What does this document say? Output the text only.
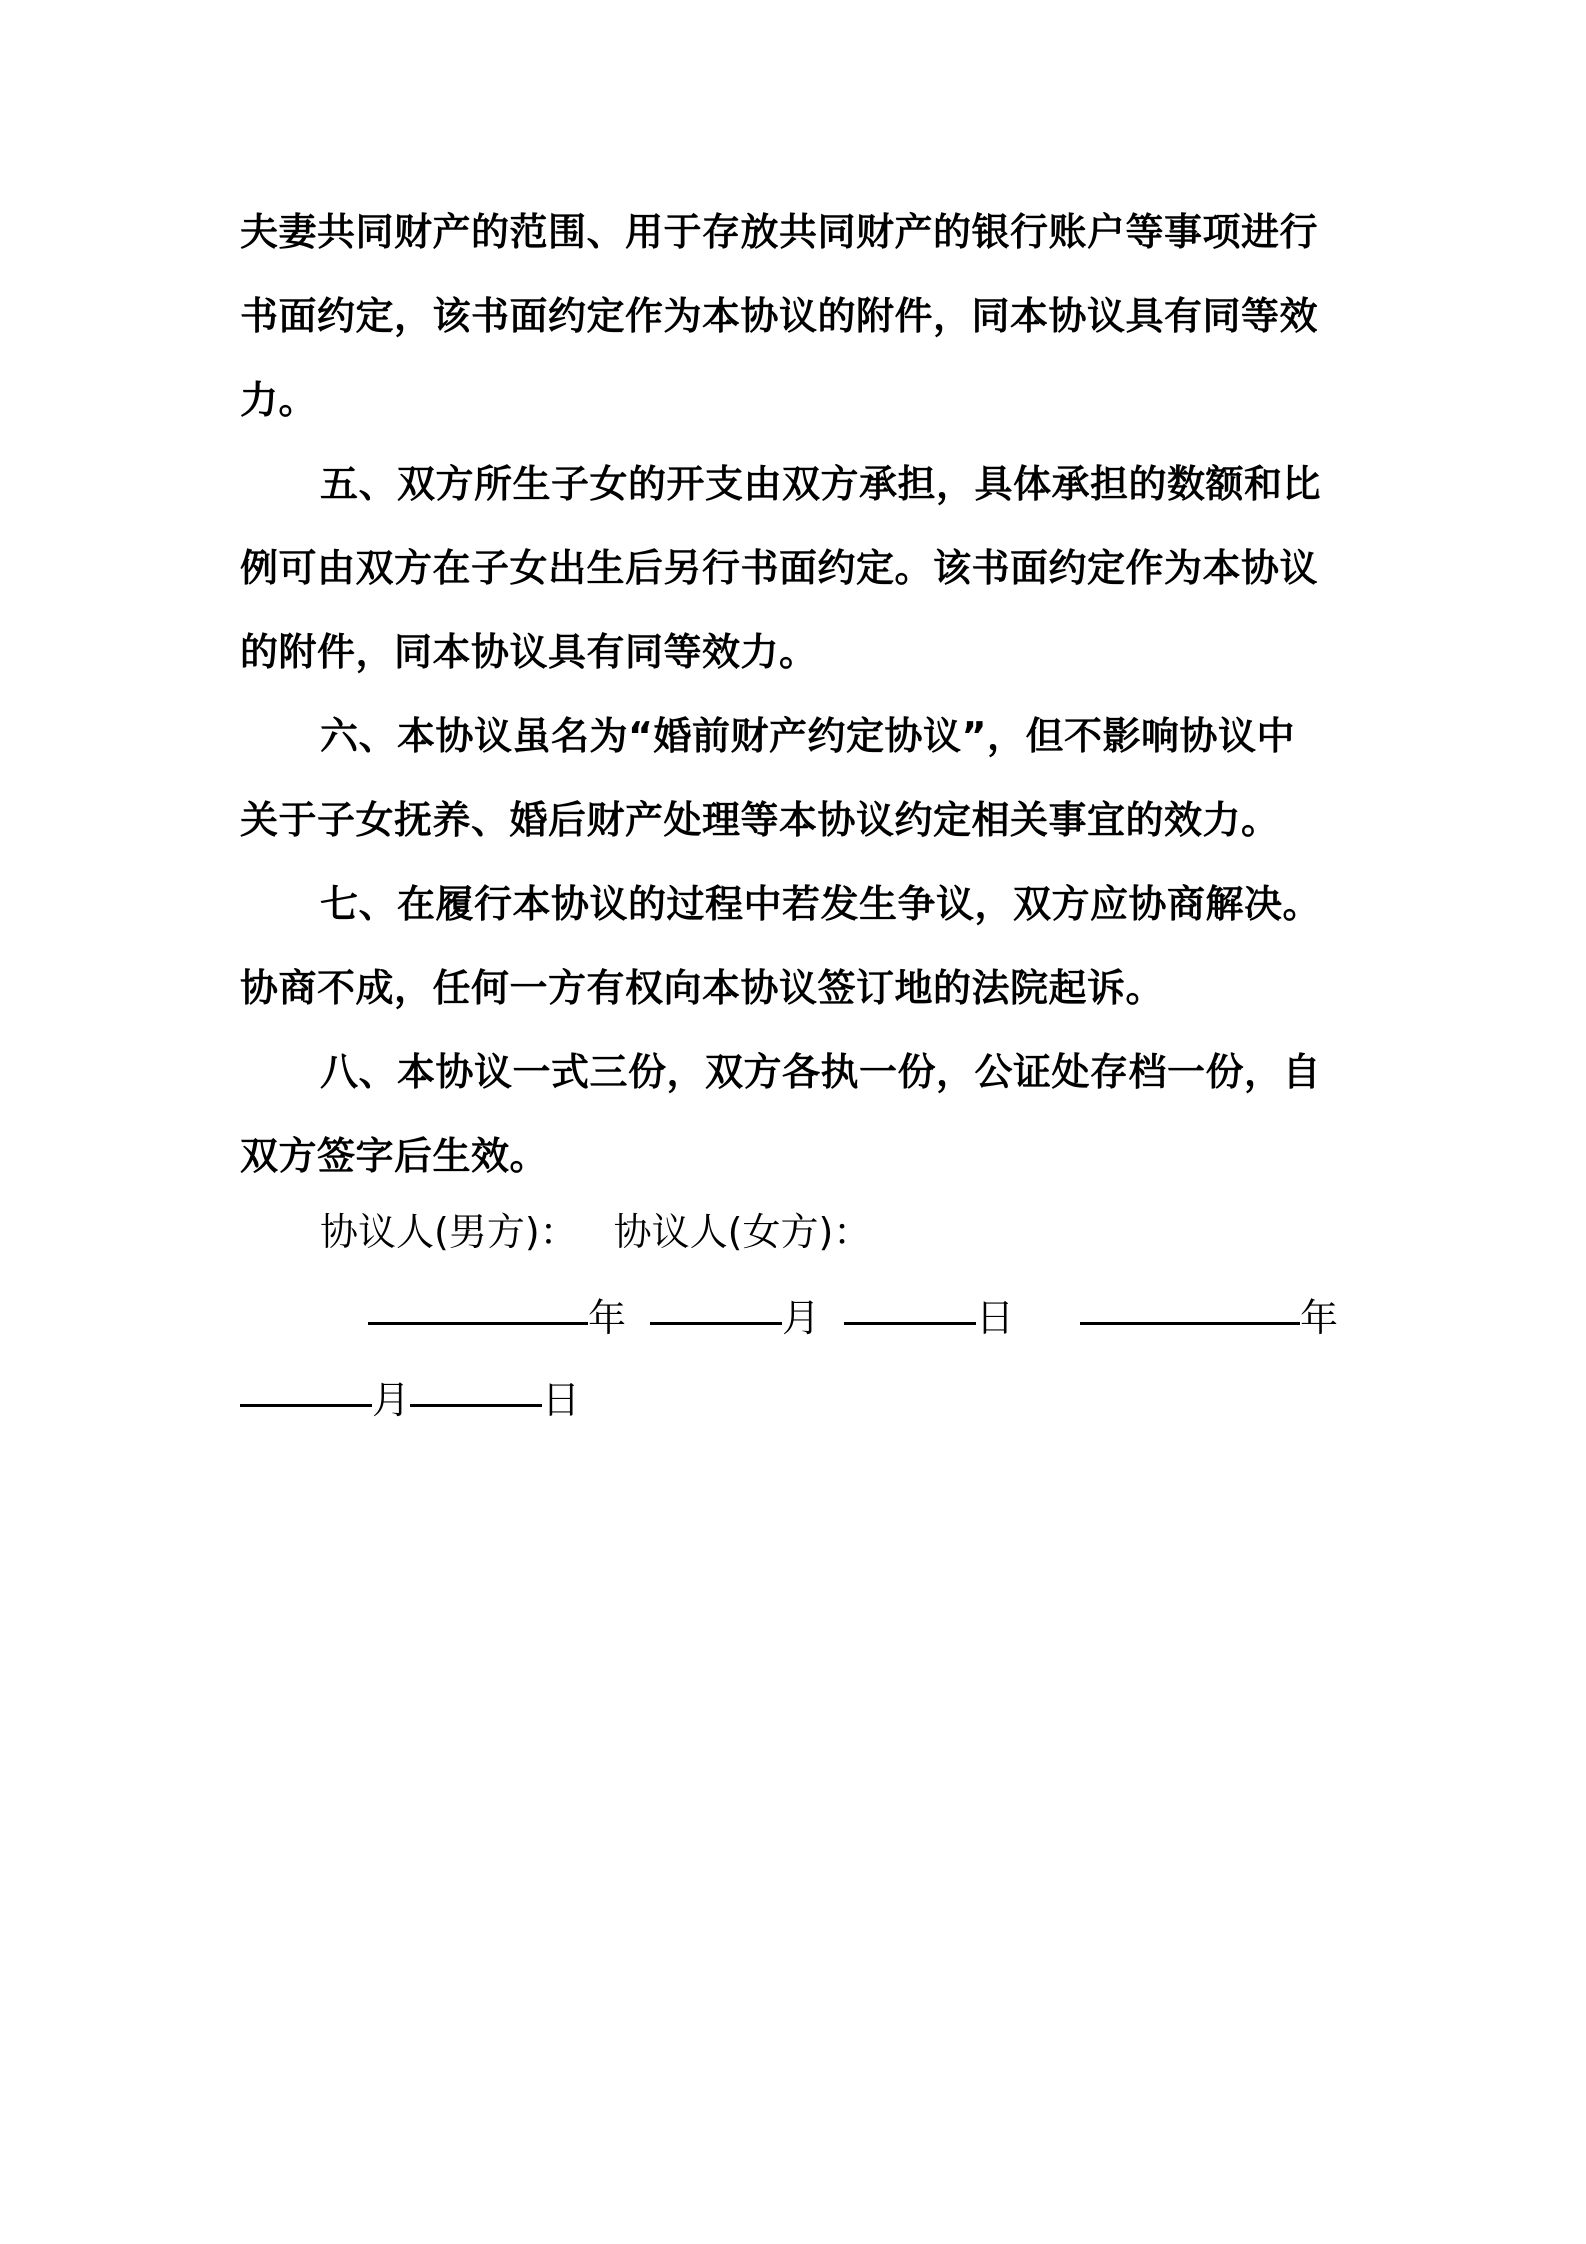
夫妻共同财产的范围、用于存放共同财产的银行账户等事项进行
书面约定，该书面约定作为本协议的附件，同本协议具有同等效
力。

五、双方所生子女的开支由双方承担，具体承担的数额和比
例可由双方在子女出生后另行书面约定。该书面约定作为本协议
的附件，同本协议具有同等效力。

六、本协议虽名为“婚前财产约定协议”，但不影响协议中
关于子女抚养、婚后财产处理等本协议约定相关事宜的效力。

七、在履行本协议的过程中若发生争议，双方应协商解决。
协商不成，任何一方有权向本协议签订地的法院起诉。

八、本协议一式三份，双方各执一份，公证处存档一份，自
双方签字后生效。

协议人(男方)： 协议人(女方)：
年	月	日	年
月	日
